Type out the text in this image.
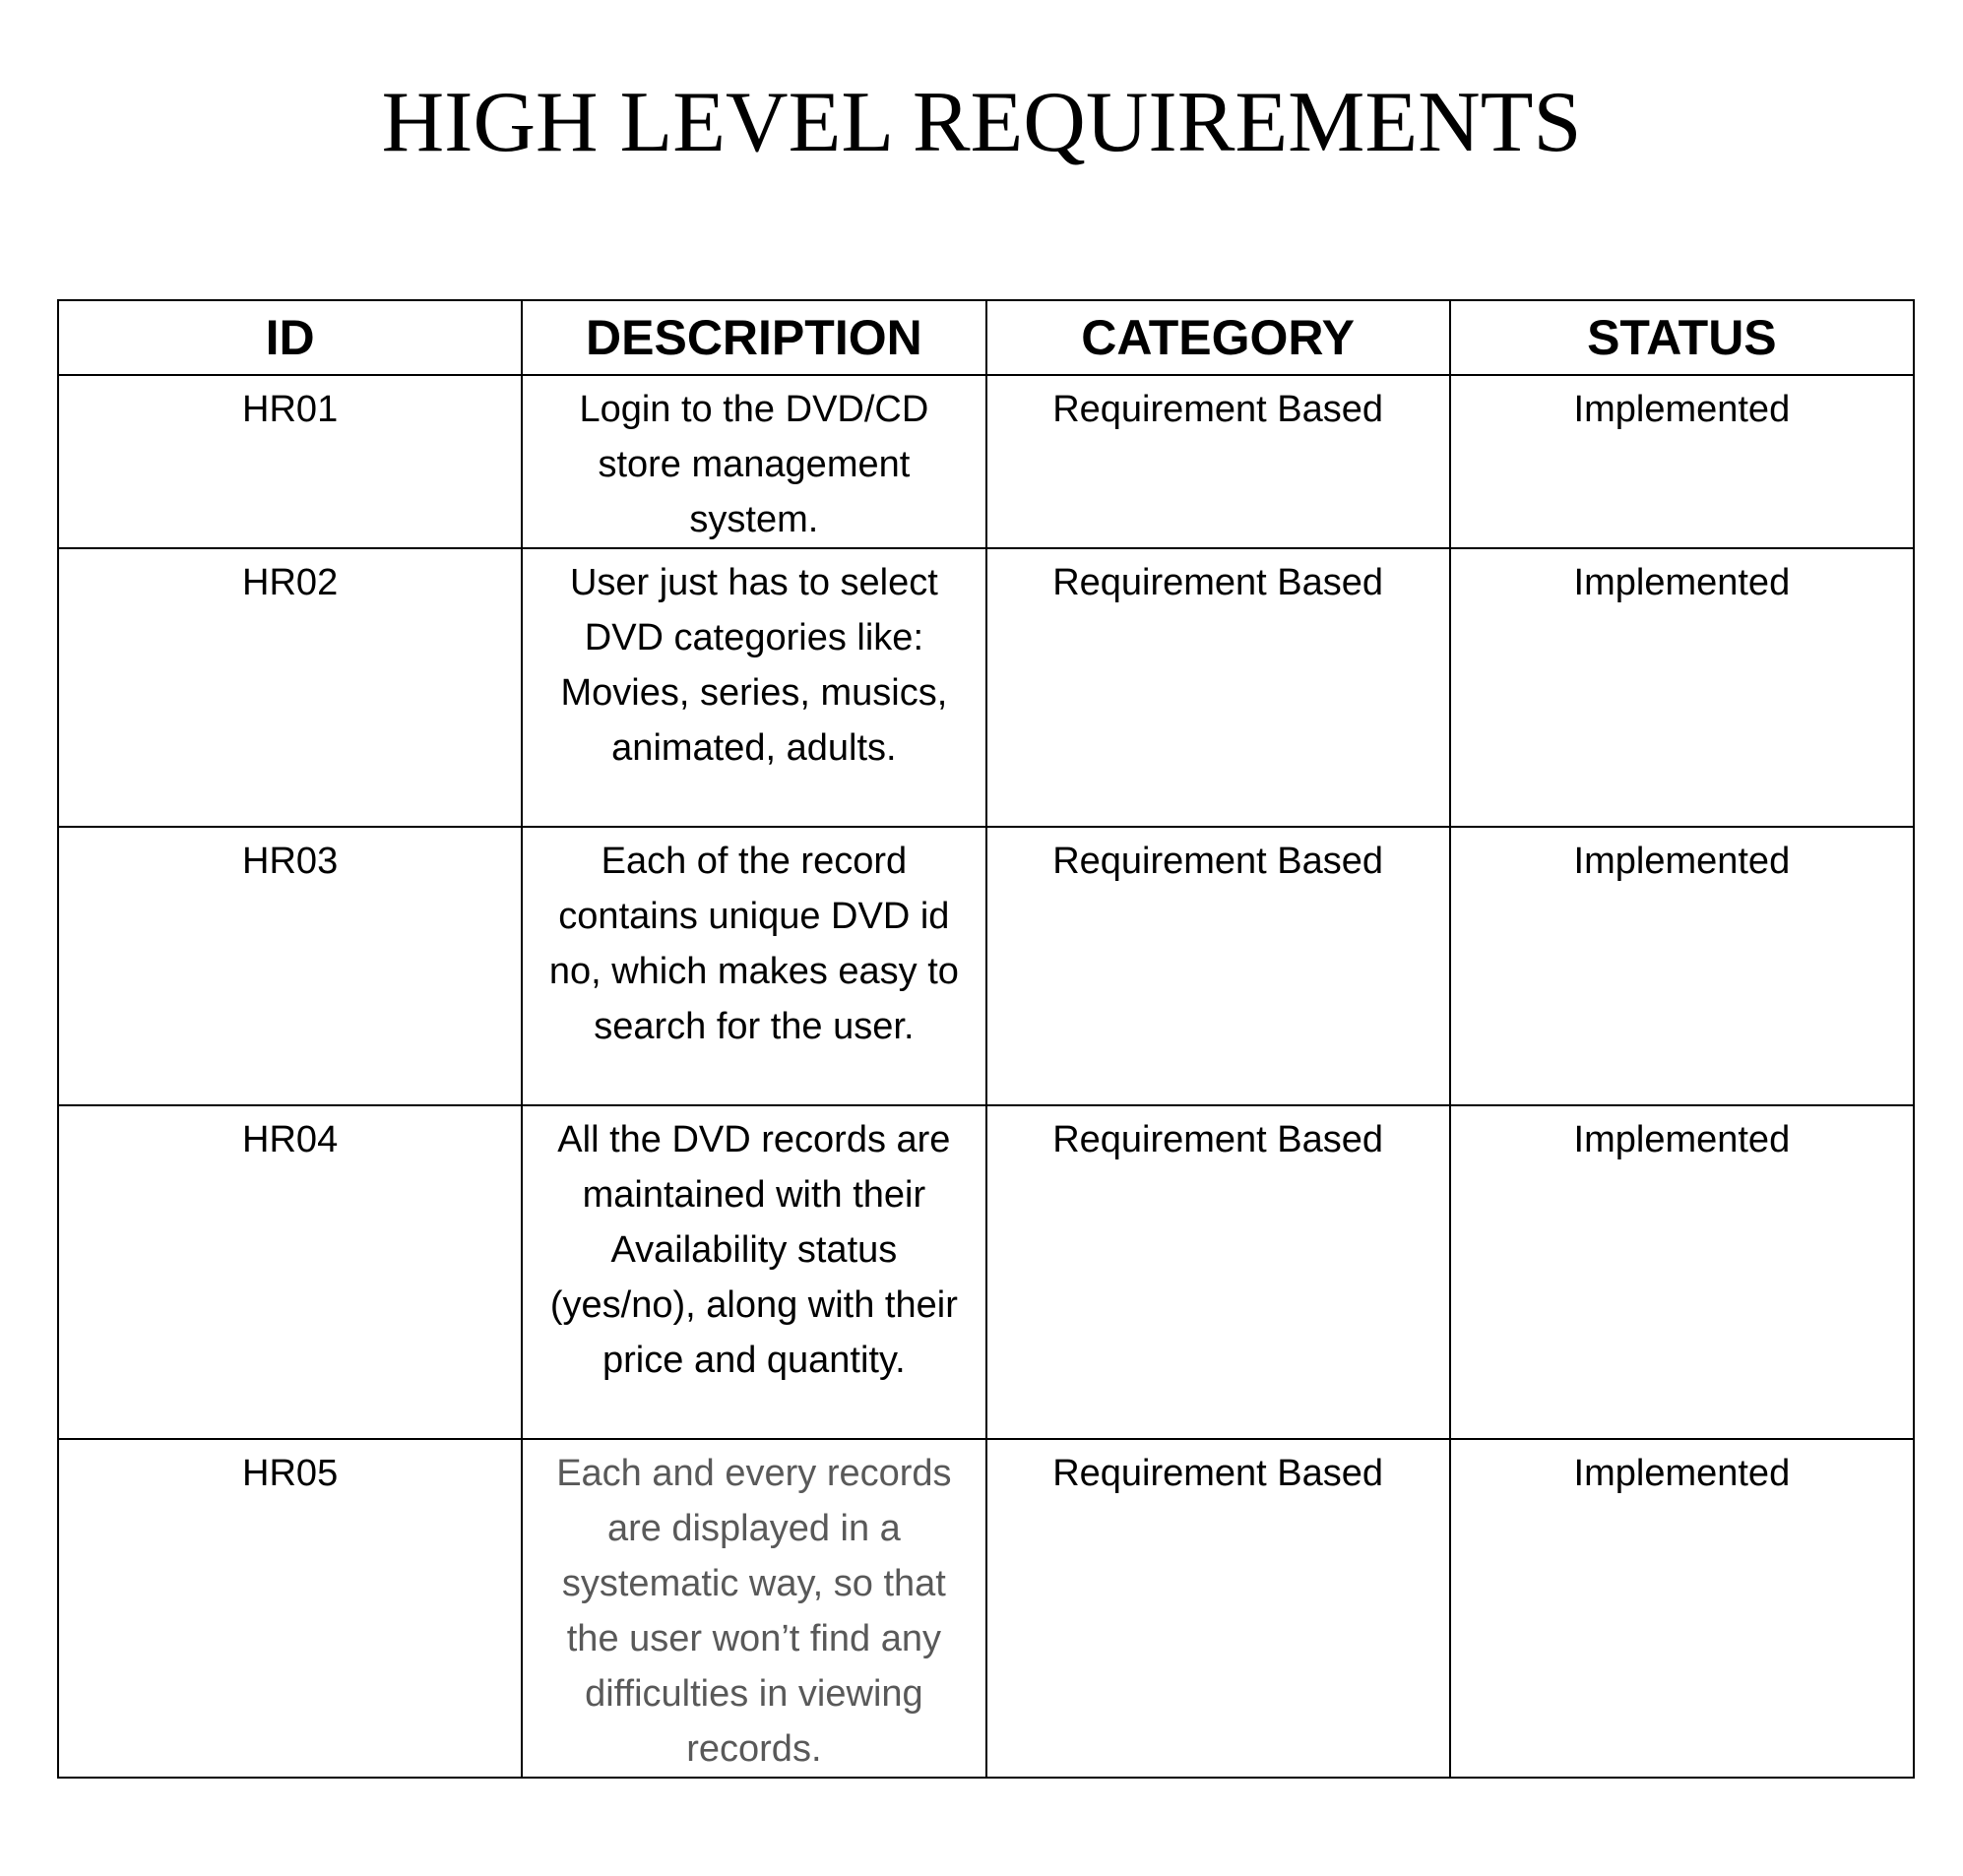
HIGH LEVEL REQUIREMENTS
ID	DESCRIPTION	CATEGORY	STATUS
HR01	Login to the DVD/CD store management system.	Requirement Based	Implemented
HR02	User just has to select DVD categories like: Movies, series, musics, animated, adults.	Requirement Based	Implemented
HR03	Each of the record contains unique DVD id no, which makes easy to search for the user.	Requirement Based	Implemented
HR04	All the DVD records are maintained with their Availability status (yes/no), along with their price and quantity.	Requirement Based	Implemented
HR05	Each and every records are displayed in a systematic way, so that the user won’t find any difficulties in viewing records.	Requirement Based	Implemented
